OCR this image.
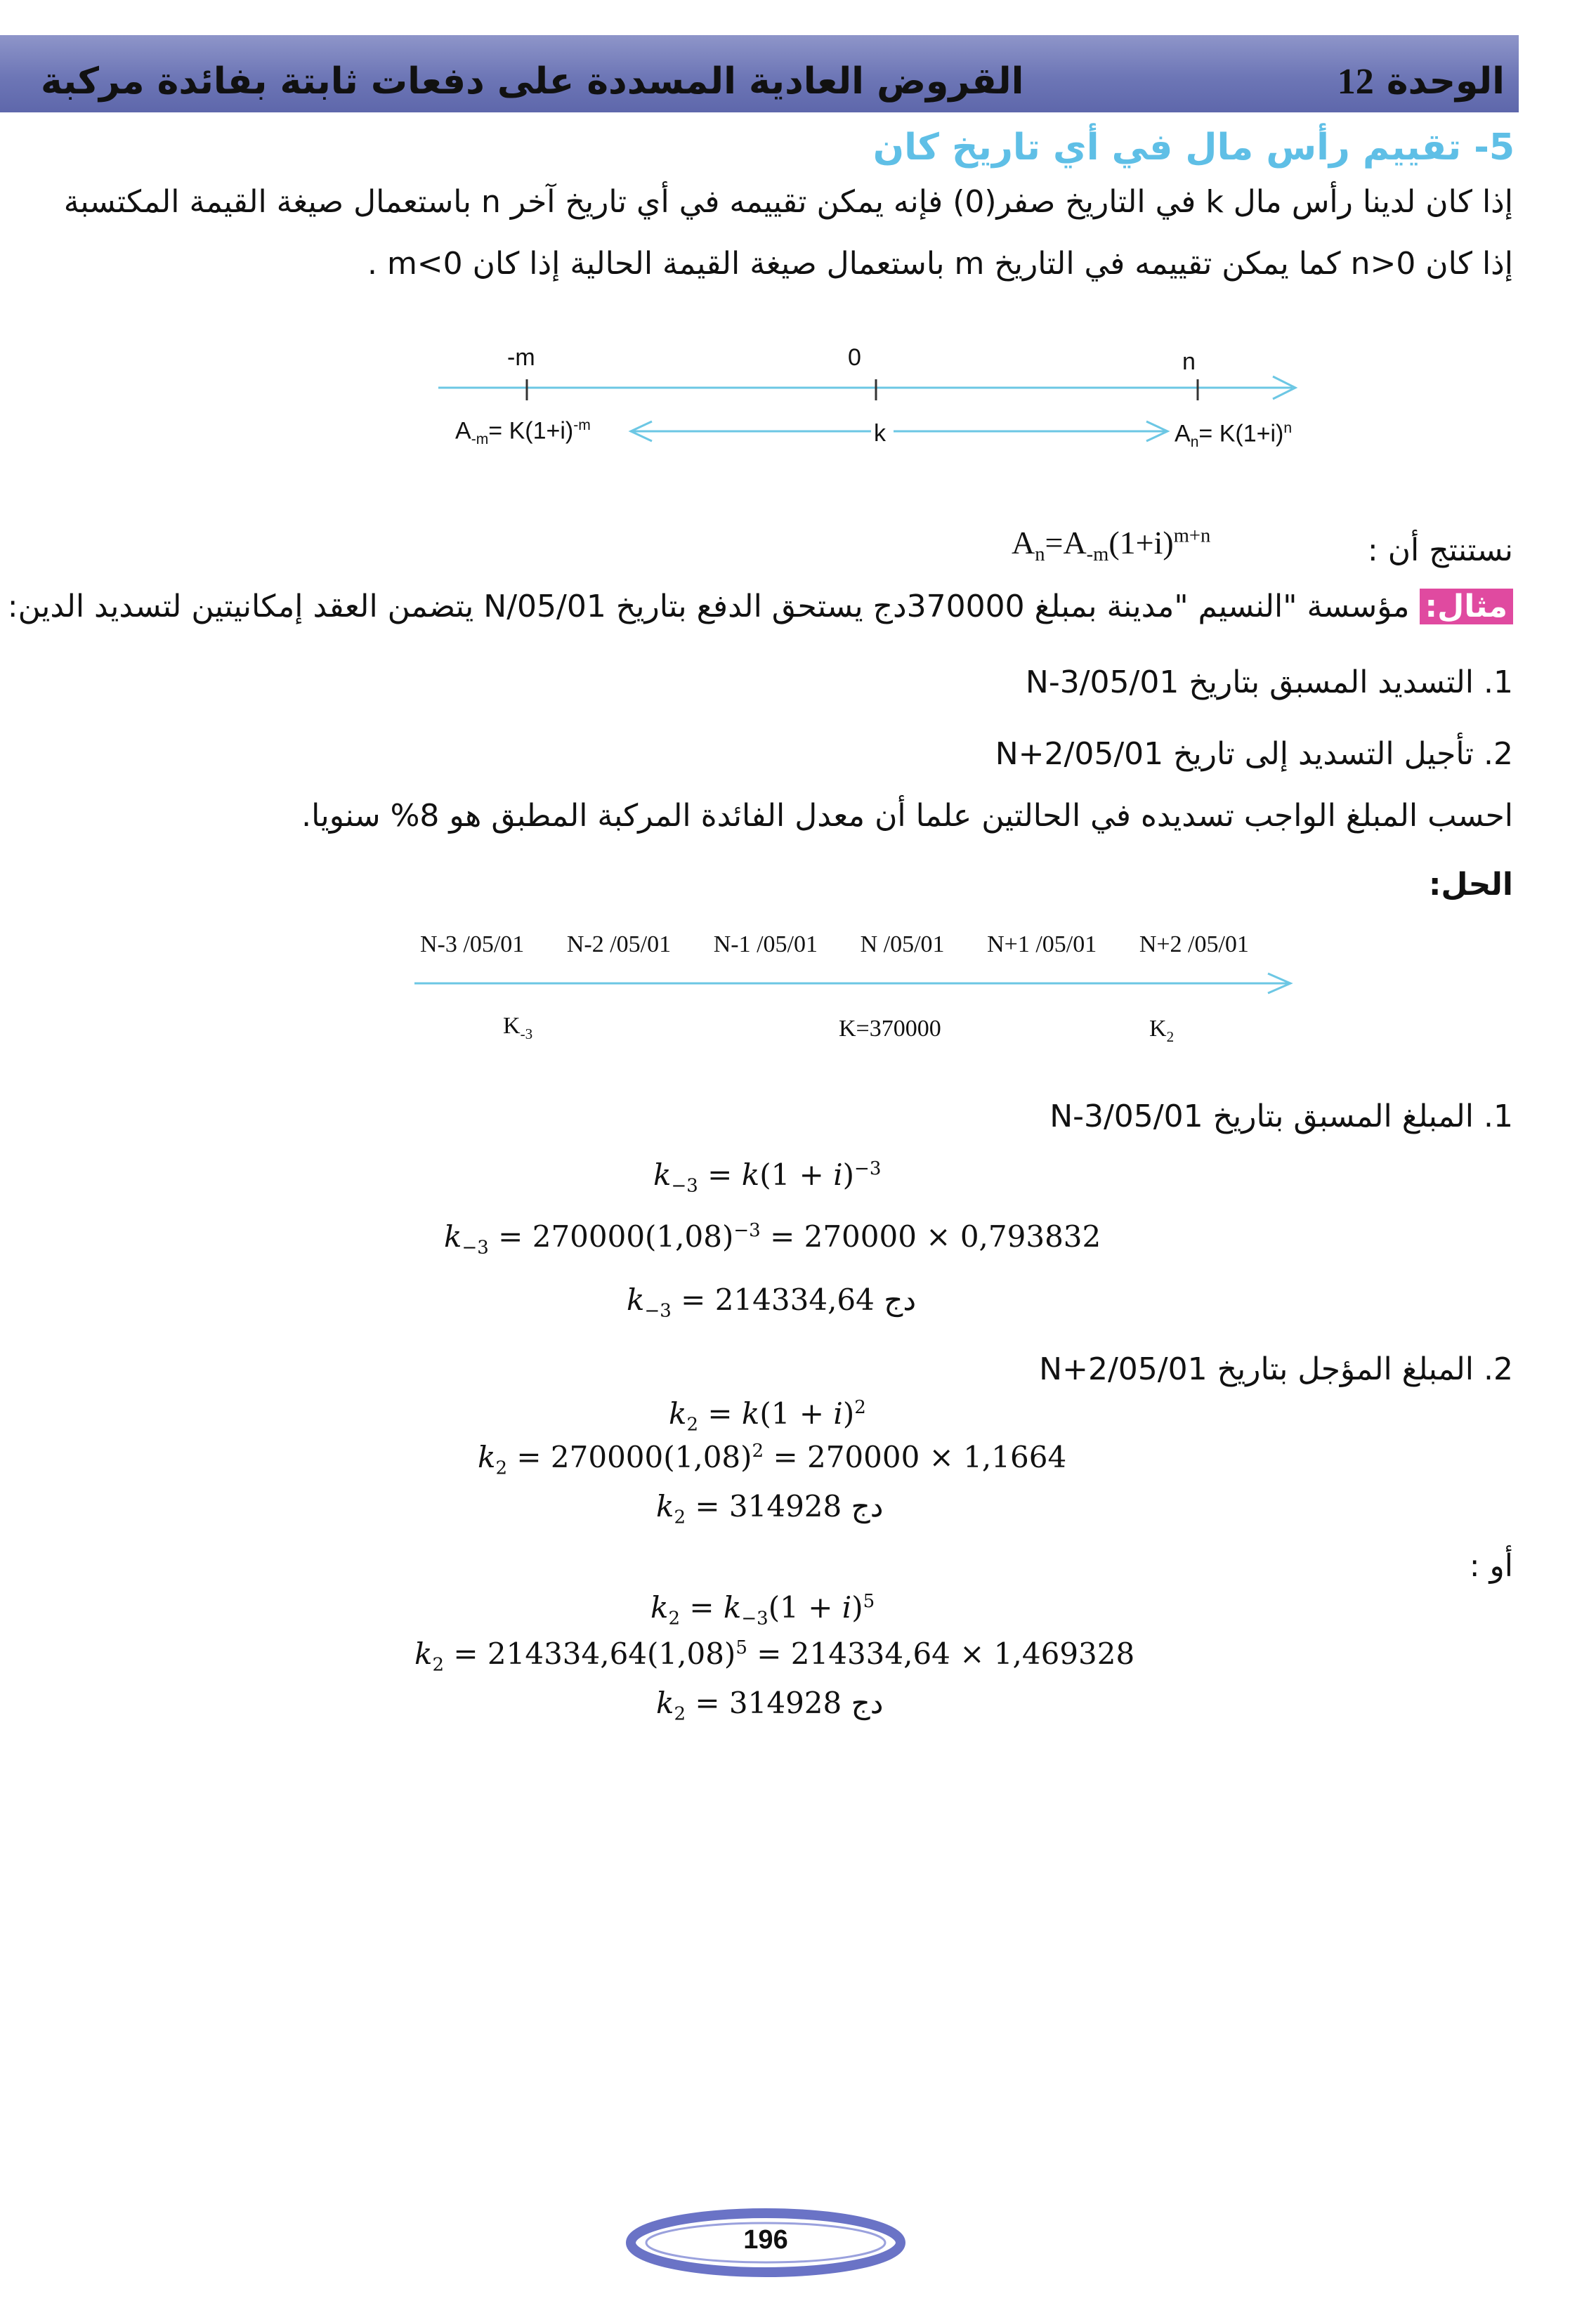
الوحدة 12
القروض العادية المسددة على دفعات ثابتة بفائدة مركبة
5- تقييم رأس مال في أي تاريخ كان
إذا كان لدينا رأس مال k في التاريخ صفر(0) فإنه يمكن تقييمه في أي تاريخ آخر n باستعمال صيغة القيمة المكتسبة
إذا كان n>0 كما يمكن تقييمه في التاريخ m باستعمال صيغة القيمة الحالية إذا كان m<0 .
-m	0	n
$A_{-m}= K(1+i)^{-m}$	k	$A_n= K(1+i)^n$
نستنتج أن :
$A_n=A_{-m}(1+i)^{m+n}$
مثال: مؤسسة "النسيم "مدينة بمبلغ 370000دج يستحق الدفع بتاريخ N/05/01 يتضمن العقد إمكانيتين لتسديد الدين:
1. التسديد المسبق بتاريخ N-3/05/01
2. تأجيل التسديد إلى تاريخ N+2/05/01
احسب المبلغ الواجب تسديده في الحالتين علما أن معدل الفائدة المركبة المطبق هو 8% سنويا.
الحل:
N-3 /05/01 N-2 /05/01 N-1 /05/01 N /05/01 N+1 /05/01 N+2 /05/01
$K_{-3}$	K=370000	$K_2$
1. المبلغ المسبق بتاريخ N-3/05/01
$k_{-3} = k(1 + i)^{-3}$
$k_{-3} = 270000(1,08)^{-3} = 270000 \times 0,793832$
$k_{-3} = 214334,64$ دج
2. المبلغ المؤجل بتاريخ N+2/05/01
$k_2 = k(1 + i)^2$
$k_2 = 270000(1,08)^2 = 270000 \times 1,1664$
$k_2 = 314928$ دج
أو :
$k_2 = k_{-3}(1 + i)^5$
$k_2 = 214334,64(1,08)^5 = 214334,64 \times 1,469328$
$k_2 = 314928$ دج
196
